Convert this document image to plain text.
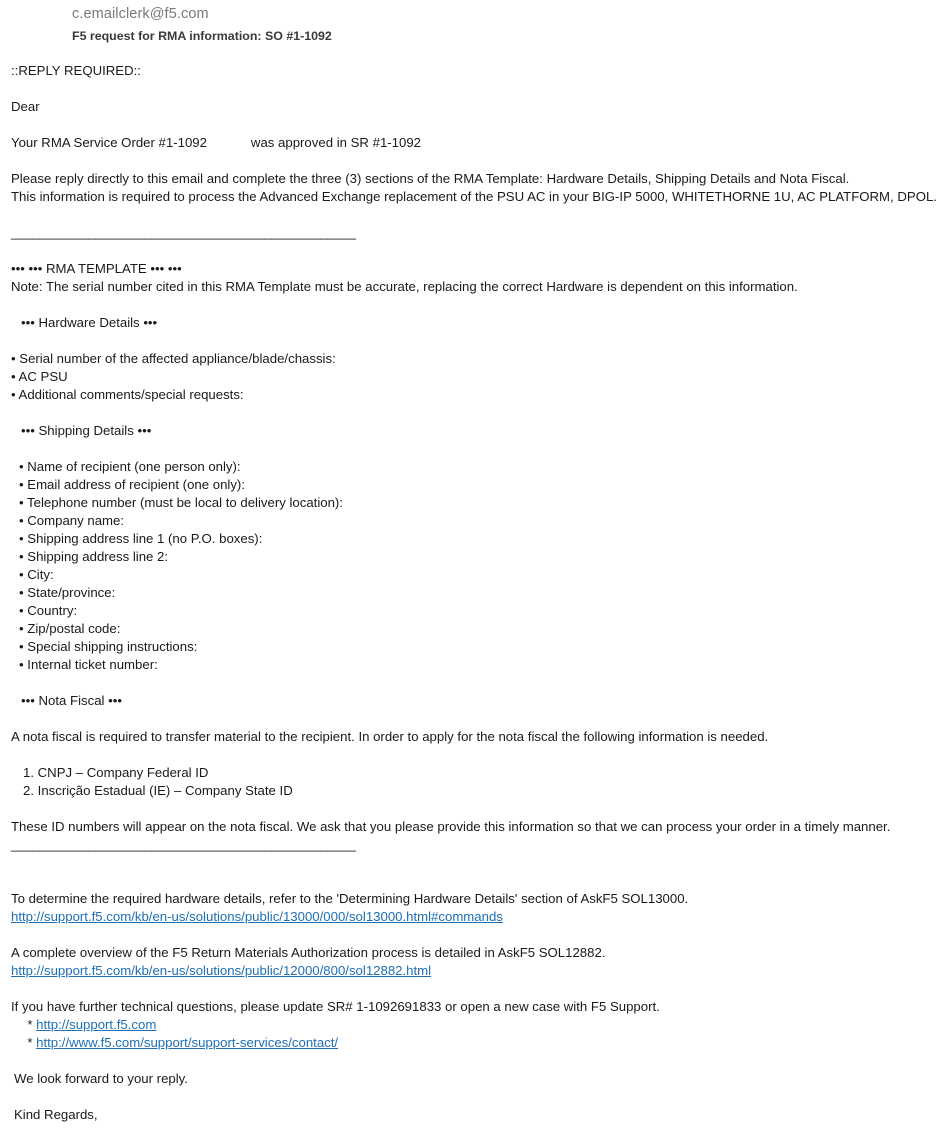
c.emailclerk@f5.com
F5 request for RMA information: SO #1-1092
::REPLY REQUIRED::
Dear
Your RMA Service Order #1-1092            was approved in SR #1-1092
Please reply directly to this email and complete the three (3) sections of the RMA Template: Hardware Details, Shipping Details and Nota Fiscal.
This information is required to process the Advanced Exchange replacement of the PSU AC in your BIG-IP 5000, WHITETHORNE 1U, AC PLATFORM, DPOL.
_________________________________________________
••• ••• RMA TEMPLATE ••• •••
Note: The serial number cited in this RMA Template must be accurate, replacing the correct Hardware is dependent on this information.
••• Hardware Details •••
• Serial number of the affected appliance/blade/chassis:
• AC PSU
• Additional comments/special requests:
••• Shipping Details •••
• Name of recipient (one person only):
• Email address of recipient (one only):
• Telephone number (must be local to delivery location):
• Company name:
• Shipping address line 1 (no P.O. boxes):
• Shipping address line 2:
• City:
• State/province:
• Country:
• Zip/postal code:
• Special shipping instructions:
• Internal ticket number:
••• Nota Fiscal •••
A nota fiscal is required to transfer material to the recipient. In order to apply for the nota fiscal the following information is needed.
1. CNPJ – Company Federal ID
2. Inscrição Estadual (IE) – Company State ID
These ID numbers will appear on the nota fiscal. We ask that you please provide this information so that we can process your order in a timely manner.
_________________________________________________
To determine the required hardware details, refer to the 'Determining Hardware Details' section of AskF5 SOL13000.
http://support.f5.com/kb/en-us/solutions/public/13000/000/sol13000.html#commands
A complete overview of the F5 Return Materials Authorization process is detailed in AskF5 SOL12882.
http://support.f5.com/kb/en-us/solutions/public/12000/800/sol12882.html
If you have further technical questions, please update SR# 1-1092691833 or open a new case with F5 Support.
* http://support.f5.com
* http://www.f5.com/support/support-services/contact/
We look forward to your reply.
Kind Regards,
